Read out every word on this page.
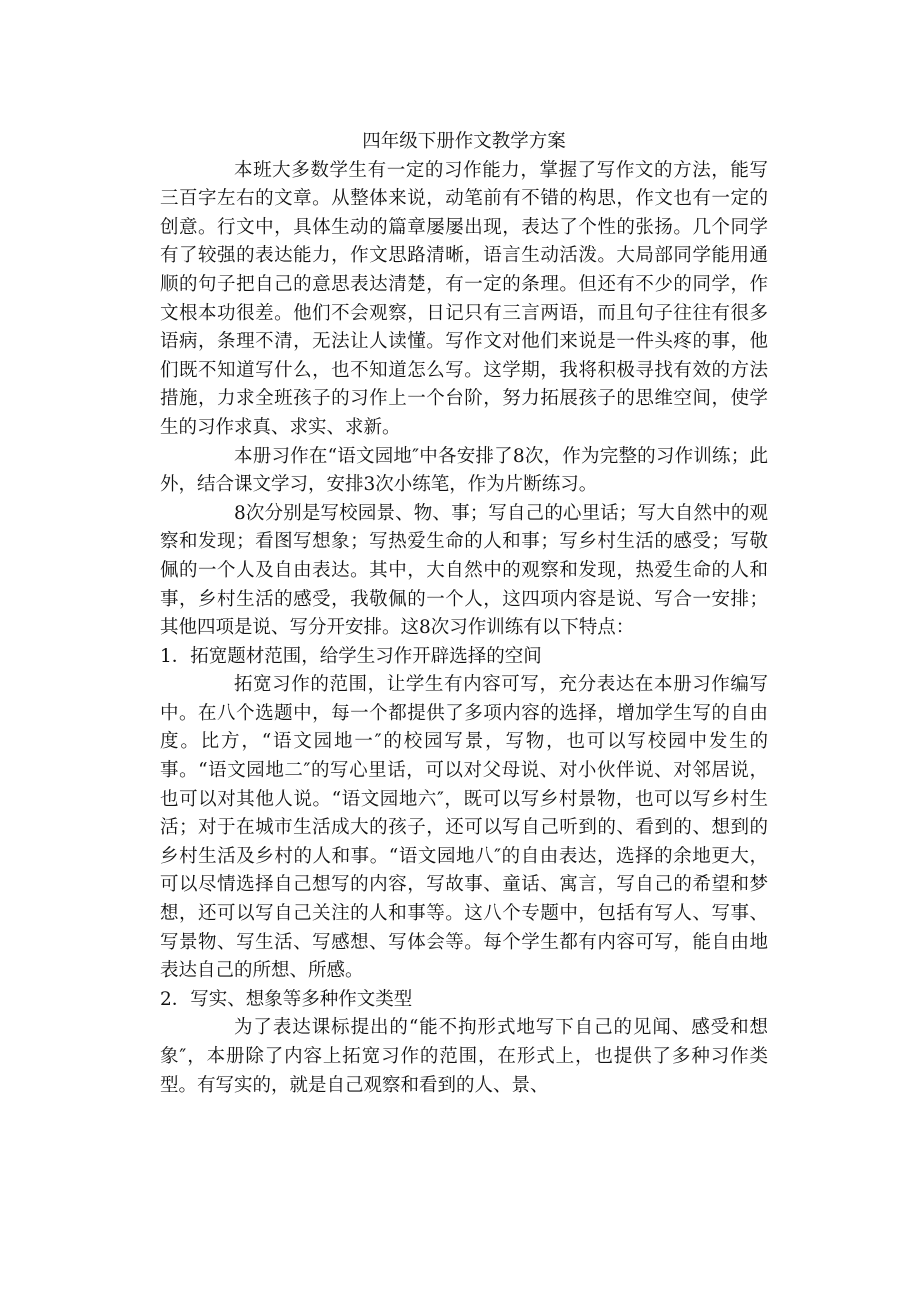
四年级下册作文教学方案

本班大多数学生有一定的习作能力，掌握了写作文的方法，能写三百字左右的文章。从整体来说，动笔前有不错的构思，作文也有一定的创意。行文中，具体生动的篇章屡屡出现，表达了个性的张扬。几个同学有了较强的表达能力，作文思路清晰，语言生动活泼。大局部同学能用通顺的句子把自己的意思表达清楚，有一定的条理。但还有不少的同学，作文根本功很差。他们不会观察，日记只有三言两语，而且句子往往有很多语病，条理不清，无法让人读懂。写作文对他们来说是一件头疼的事，他们既不知道写什么，也不知道怎么写。这学期，我将积极寻找有效的方法措施，力求全班孩子的习作上一个台阶，努力拓展孩子的思维空间，使学生的习作求真、求实、求新。

本册习作在“语文园地″中各安排了8次，作为完整的习作训练；此外，结合课文学习，安排3次小练笔，作为片断练习。

8次分别是写校园景、物、事；写自己的心里话；写大自然中的观察和发现；看图写想象；写热爱生命的人和事；写乡村生活的感受；写敬佩的一个人及自由表达。其中，大自然中的观察和发现，热爱生命的人和事，乡村生活的感受，我敬佩的一个人，这四项内容是说、写合一安排；其他四项是说、写分开安排。这8次习作训练有以下特点：

1．拓宽题材范围，给学生习作开辟选择的空间

拓宽习作的范围，让学生有内容可写，充分表达在本册习作编写中。在八个选题中，每一个都提供了多项内容的选择，增加学生写的自由度。比方，“语文园地一″的校园写景，写物，也可以写校园中发生的事。“语文园地二″的写心里话，可以对父母说、对小伙伴说、对邻居说，也可以对其他人说。“语文园地六″，既可以写乡村景物，也可以写乡村生活；对于在城市生活成大的孩子，还可以写自己听到的、看到的、想到的乡村生活及乡村的人和事。“语文园地八″的自由表达，选择的余地更大，可以尽情选择自己想写的内容，写故事、童话、寓言，写自己的希望和梦想，还可以写自己关注的人和事等。这八个专题中，包括有写人、写事、写景物、写生活、写感想、写体会等。每个学生都有内容可写，能自由地表达自己的所想、所感。

2．写实、想象等多种作文类型

为了表达课标提出的“能不拘形式地写下自己的见闻、感受和想象″，本册除了内容上拓宽习作的范围，在形式上，也提供了多种习作类型。有写实的，就是自己观察和看到的人、景、
